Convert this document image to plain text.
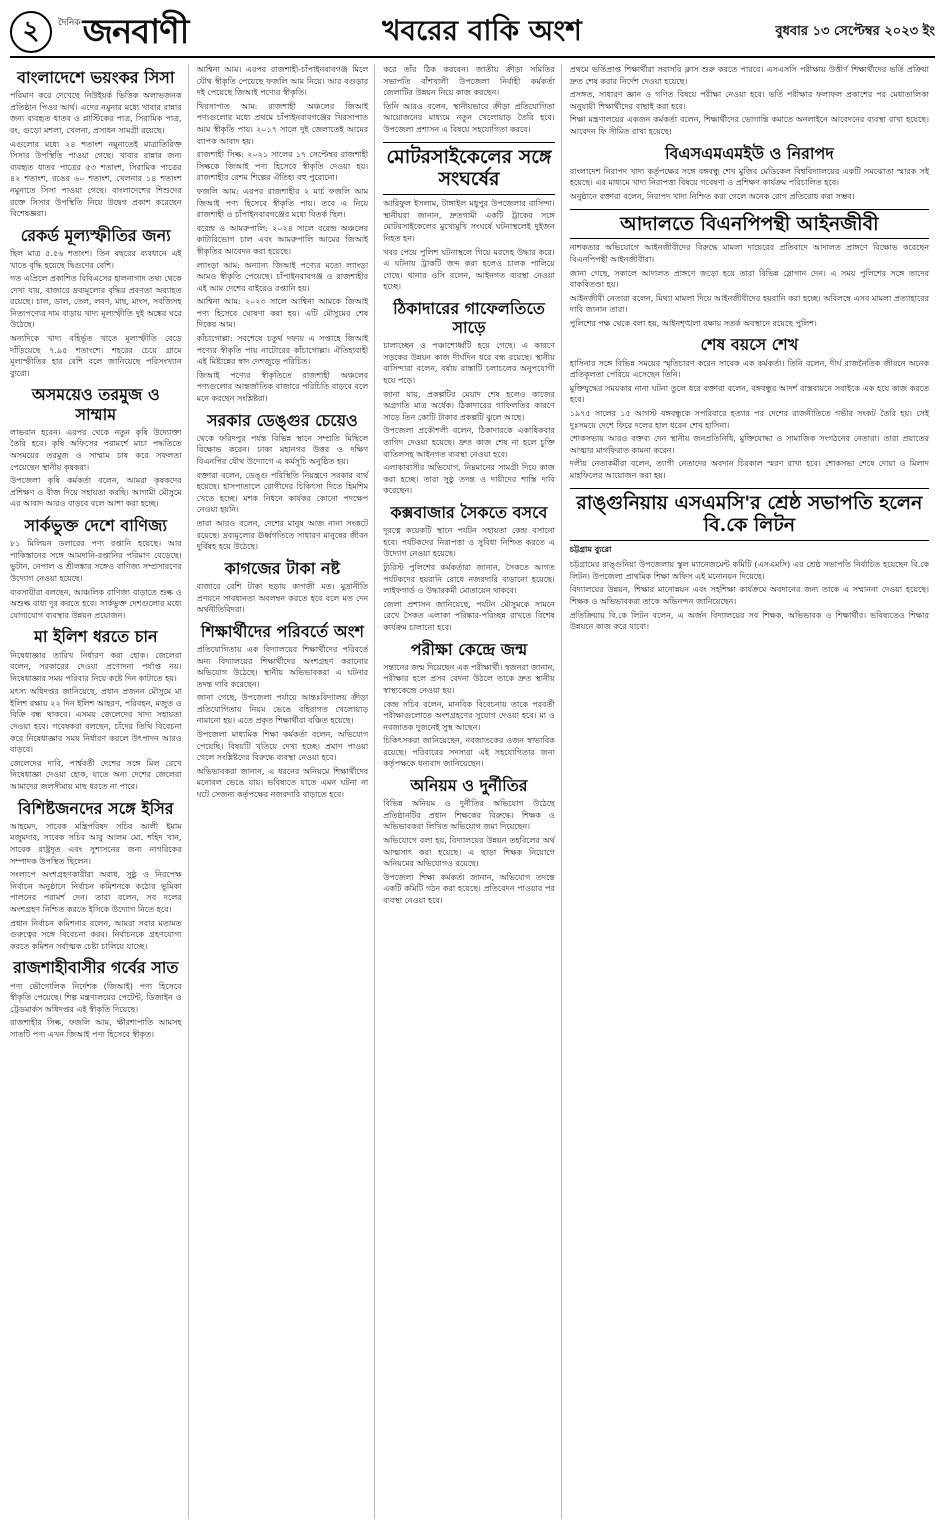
২	দৈনিক জনবাণী	খবরের বাকি অংশ	বুধবার ১৩ সেপ্টেম্বর ২০২৩ ইং
বাংলাদেশে ভয়ংকর সিসা

পরিমাণ করে দেখেছে নিউইয়র্ক ভিত্তিক অলাভজনক প্রতিষ্ঠান পিওর আর্থ। এদের নমুনার মধ্যে খাবার রান্নার জন্য ব্যবহৃত ধাতব ও প্লাস্টিকের পাত্র, সিরামিক পাত্র, রং, গুড়ো মশলা, খেলনা, প্রসাধন সামগ্রী রয়েছে।

এগুলোর মধ্যে ২৪ শতাংশ নমুনাতেই মাত্রাতিরিক্ত সিসার উপস্থিতি পাওয়া গেছে। খাবার রান্নার জন্য ব্যবহৃত ধাতব পাত্রের ৫৩ শতাংশ, সিরামিক পাত্রের ৪২ শতাংশ, রঙের ৬০ শতাংশ, খেলনার ১৪ শতাংশ নমুনাতে সিসা পাওয়া গেছে। বাংলাদেশের শিশুদের রক্তে সিসার উপস্থিতি নিয়ে উদ্বেগ প্রকাশ করেছেন বিশেষজ্ঞরা।

রেকর্ড মূল্যস্ফীতির জন্য

ছিল মাত্র ৫.৫৬ শতাংশ। তিন বছরের ব্যবধানে এই খাতে বৃদ্ধি হয়েছে দ্বিগুণের বেশি।

গত এপ্রিলে প্রকাশিত বিবিএসের হালনাগাদ তথ্য থেকে দেখা যায়, বাজারে দ্রব্যমূল্যের বৃদ্ধির প্রবণতা অব্যাহত রয়েছে। চাল, ডাল, তেল, লবণ, মাছ, মাংস, সবজিসহ নিত্যপণ্যের দাম বাড়ায় খাদ্য মূল্যস্ফীতি দুই অঙ্কের ঘরে উঠেছে।

অন্যদিকে খাদ্য বহির্ভূত খাতে মূল্যস্ফীতি বেড়ে দাঁড়িয়েছে ৭.৯৫ শতাংশে। শহরের চেয়ে গ্রামে মূল্যস্ফীতির হার বেশি বলে জানিয়েছে পরিসংখ্যান ব্যুরো।

অসময়েও তরমুজ ও সাম্মাম

লাভবান হবেন। এরপর থেকে নতুন কৃষি উদ্যোক্তা তৈরি হবে। কৃষি অফিসের পরামর্শে মাচা পদ্ধতিতে অসময়ের তরমুজ ও সাম্মাম চাষ করে সফলতা পেয়েছেন স্থানীয় কৃষকরা।

উপজেলা কৃষি কর্মকর্তা বলেন, আমরা কৃষকদের প্রশিক্ষণ ও বীজ দিয়ে সহায়তা করছি। আগামী মৌসুমে এর আবাদ আরও বাড়বে বলে আশা করা হচ্ছে।

সার্কভুক্ত দেশে বাণিজ্য

৮১ মিলিয়ন ডলারের পণ্য রপ্তানি হয়েছে। আর পাকিস্তানের সঙ্গে আমদানি-রপ্তানির পরিমাণ বেড়েছে। ভুটান, নেপাল ও শ্রীলঙ্কার সঙ্গেও বাণিজ্য সম্প্রসারণের উদ্যোগ নেওয়া হয়েছে।

ব্যবসায়ীরা বলছেন, আঞ্চলিক বাণিজ্য বাড়াতে শুল্ক ও অশুল্ক বাধা দূর করতে হবে। সার্কভুক্ত দেশগুলোর মধ্যে যোগাযোগ ব্যবস্থার উন্নয়ন প্রয়োজন।

মা ইলিশ ধরতে চান

নিষেধাজ্ঞার তারিখ নির্ধারণ করা হোক। জেলেরা বলেন, সরকারের দেওয়া প্রণোদনা পর্যাপ্ত নয়। নিষেধাজ্ঞার সময় পরিবার নিয়ে কষ্টে দিন কাটাতে হয়।

মৎস্য অধিদপ্তর জানিয়েছে, প্রধান প্রজনন মৌসুমে মা ইলিশ রক্ষায় ২২ দিন ইলিশ আহরণ, পরিবহন, মজুত ও বিক্রি বন্ধ থাকবে। এসময় জেলেদের খাদ্য সহায়তা দেওয়া হবে। গবেষকরা বলছেন, চাঁদের তিথি বিবেচনা করে নিষেধাজ্ঞার সময় নির্ধারণ করলে উৎপাদন আরও বাড়বে।

জেলেদের দাবি, পার্শ্ববর্তী দেশের সঙ্গে মিল রেখে নিষেধাজ্ঞা দেওয়া হোক, যাতে অন্য দেশের জেলেরা আমাদের জলসীমায় মাছ ধরতে না পারে।

বিশিষ্টজনদের সঙ্গে ইসির

আহমেদ, সাবেক মন্ত্রিপরিষদ সচিব আলী ইমাম মজুমদার, সাবেক সচিব আবু আলম মো. শহিদ খান, সাবেক রাষ্ট্রদূত এবং সুশাসনের জন্য নাগরিকের সম্পাদক উপস্থিত ছিলেন।

সংলাপে অংশগ্রহণকারীরা অবাধ, সুষ্ঠু ও নিরপেক্ষ নির্বাচন অনুষ্ঠানে নির্বাচন কমিশনকে কঠোর ভূমিকা পালনের পরামর্শ দেন। তারা বলেন, সব দলের অংশগ্রহণ নিশ্চিত করতে ইসিকে উদ্যোগ নিতে হবে।

প্রধান নির্বাচন কমিশনার বলেন, আমরা সবার মতামত গুরুত্বের সঙ্গে বিবেচনা করব। নির্বাচনকে গ্রহণযোগ্য করতে কমিশন সর্বাত্মক চেষ্টা চালিয়ে যাচ্ছে।

রাজশাহীবাসীর গর্বের সাত

পণ্য ভৌগোলিক নির্দেশক (জিআই) পণ্য হিসেবে স্বীকৃতি পেয়েছে। শিল্প মন্ত্রণালয়ের পেটেন্ট, ডিজাইন ও ট্রেডমার্কস অধিদপ্তর এই স্বীকৃতি দিয়েছে।

রাজশাহীর সিল্ক, ফজলি আম, ক্ষীরশাপাতি আমসহ সাতটি পণ্য এখন জিআই পণ্য হিসেবে স্বীকৃত।

আশ্বিনা আম। এরপর রাজশাহী-চাঁপাইনবাবগঞ্জ মিলে যৌথ স্বীকৃতি পেয়েছে ফজলি আম নিয়ে। আর বগুড়ার দই পেয়েছে জিআই পণ্যের স্বীকৃতি।

খিরসাপাত আম: রাজশাহী অঞ্চলের জিআই পণ্যগুলোর মধ্যে প্রথমে চাঁপাইনবাবগঞ্জের খিরসাপাত আম স্বীকৃতি পায়। ২০১৭ সালে দুই জেলাতেই আমের ব্যাপক আবাদ হয়।

রাজশাহী সিল্ক: ২০২১ সালের ১৭ সেপ্টেম্বর রাজশাহী সিল্ককে জিআই পণ্য হিসেবে স্বীকৃতি দেওয়া হয়। রাজশাহীর রেশম শিল্পের ঐতিহ্য বহু পুরোনো।

ফজলি আম: এরপর রাজশাহীর ২ মার্চ ফজলি আম জিআই পণ্য হিসেবে স্বীকৃতি পায়। তবে এ নিয়ে রাজশাহী ও চাঁপাইনবাবগঞ্জের মধ্যে বিতর্ক ছিল।

বরেন্দ্র ও আমরুপালি: ২০২৪ সালে বরেন্দ্র অঞ্চলের কাটারিভোগ চাল এবং আমরুপালি আমের জিআই স্বীকৃতির আবেদন করা হয়েছে।

ল্যাংড়া আম: অন্যান্য জিআই পণ্যের মতো ল্যাংড়া আমও স্বীকৃতি পেয়েছে। চাঁপাইনবাবগঞ্জ ও রাজশাহীর এই আম দেশের বাইরেও রপ্তানি হয়।

আশ্বিনা আম: ২০২৩ সালে আশ্বিনা আমকে জিআই পণ্য হিসেবে ঘোষণা করা হয়। এটি মৌসুমের শেষ দিকের আম।

কাঁচাগোল্লা: সবশেষে চতুর্থ দফায় এ সপ্তাহে জিআই পণ্যের স্বীকৃতি পায় নাটোরের কাঁচাগোল্লা। ঐতিহ্যবাহী এই মিষ্টান্নের স্বাদ দেশজুড়ে পরিচিত।

জিআই পণ্যের স্বীকৃতিতে রাজশাহী অঞ্চলের পণ্যগুলোর আন্তর্জাতিক বাজারে পরিচিতি বাড়বে বলে মনে করছেন সংশ্লিষ্টরা।

সরকার ডেঙ্গুর চেয়েও

থেকে ফরিদপুর পর্যন্ত বিভিন্ন স্থানে সম্প্রতি মিছিলে বিক্ষোভ করেন। ঢাকা মহানগর উত্তর ও দক্ষিণ বিএনপির যৌথ উদ্যোগে এ কর্মসূচি অনুষ্ঠিত হয়।

বক্তারা বলেন, ডেঙ্গু পরিস্থিতি নিয়ন্ত্রণে সরকার ব্যর্থ হয়েছে। হাসপাতালে রোগীদের চিকিৎসা দিতে হিমশিম খেতে হচ্ছে। মশক নিধনে কার্যকর কোনো পদক্ষেপ নেওয়া হয়নি।

তারা আরও বলেন, দেশের মানুষ আজ নানা সংকটে রয়েছে। দ্রব্যমূল্যের ঊর্ধ্বগতিতে সাধারণ মানুষের জীবন দুর্বিষহ হয়ে উঠেছে।

কাগজের টাকা নষ্ট

বাজারে বেশি টাকা ছড়ায় কাগজী মত। মুদ্রানীতি প্রণয়নে সাবধানতা অবলম্বন করতে হবে বলে মত দেন অর্থনীতিবিদরা।

শিক্ষার্থীদের পরিবর্তে অংশ

প্রতিযোগিতায় এক বিদ্যালয়ের শিক্ষার্থীদের পরিবর্তে অন্য বিদ্যালয়ের শিক্ষার্থীদের অংশগ্রহণ করানোর অভিযোগ উঠেছে। স্থানীয় অভিভাবকরা এ ঘটনার তদন্ত দাবি করেছেন।

জানা গেছে, উপজেলা পর্যায়ে আন্তঃবিদ্যালয় ক্রীড়া প্রতিযোগিতায় নিয়ম ভেঙে বহিরাগত খেলোয়াড় নামানো হয়। এতে প্রকৃত শিক্ষার্থীরা বঞ্চিত হয়েছে।

উপজেলা মাধ্যমিক শিক্ষা কর্মকর্তা বলেন, অভিযোগ পেয়েছি। বিষয়টি খতিয়ে দেখা হচ্ছে। প্রমাণ পাওয়া গেলে সংশ্লিষ্টদের বিরুদ্ধে ব্যবস্থা নেওয়া হবে।

অভিভাবকরা জানান, এ ধরনের অনিয়মে শিক্ষার্থীদের মনোবল ভেঙে যায়। ভবিষ্যতে যাতে এমন ঘটনা না ঘটে সেজন্য কর্তৃপক্ষের নজরদারি বাড়াতে হবে।

করে তাঁর ঠিক করবেন। জাতীয় ক্রীড়া সমিতির সভাপতি বাঁশখালী উপজেলা নির্বাহী কর্মকর্তা জেলাটির উন্নয়ন নিয়ে কাজ করছেন।

তিনি আরও বলেন, স্থানীয়ভাবে ক্রীড়া প্রতিযোগিতা আয়োজনের মাধ্যমে নতুন খেলোয়াড় তৈরি হবে। উপজেলা প্রশাসন এ বিষয়ে সহযোগিতা করবে।

মোটরসাইকেলের সঙ্গে সংঘর্ষের

আরিফুল ইসলাম, টাঙ্গাইল মধুপুর উপজেলার বাসিন্দা। স্থানীয়রা জানান, দ্রুতগামী একটি ট্রাকের সঙ্গে মোটরসাইকেলের মুখোমুখি সংঘর্ষে ঘটনাস্থলেই দুইজন নিহত হন।

খবর পেয়ে পুলিশ ঘটনাস্থলে গিয়ে মরদেহ উদ্ধার করে। এ ঘটনায় ট্রাকটি জব্দ করা হলেও চালক পালিয়ে গেছে। থানার ওসি বলেন, আইনগত ব্যবস্থা নেওয়া হচ্ছে।

ঠিকাদারের গাফেলতিতে সাড়ে

চালাচ্ছেন ও পঞ্চাশোর্ধ্বটি হয়ে গেছে। এ কারণে সড়কের উন্নয়ন কাজ দীর্ঘদিন ধরে বন্ধ রয়েছে। স্থানীয় বাসিন্দারা বলেন, বর্ষায় রাস্তাটি চলাচলের অনুপযোগী হয়ে পড়ে।

জানা যায়, প্রকল্পটির মেয়াদ শেষ হলেও কাজের অগ্রগতি মাত্র অর্ধেক। ঠিকাদারের গাফিলতির কারণে সাড়ে তিন কোটি টাকার প্রকল্পটি ঝুলে আছে।

উপজেলা প্রকৌশলী বলেন, ঠিকাদারকে একাধিকবার তাগিদ দেওয়া হয়েছে। দ্রুত কাজ শেষ না হলে চুক্তি বাতিলসহ আইনগত ব্যবস্থা নেওয়া হবে।

এলাকাবাসীর অভিযোগ, নিম্নমানের সামগ্রী দিয়ে কাজ করা হচ্ছে। তারা সুষ্ঠু তদন্ত ও দায়ীদের শাস্তি দাবি করেছেন।

কক্সবাজার সৈকতে বসবে

দূরত্বে কয়েকটি স্থানে পর্যটন সহায়তা কেন্দ্র বসানো হবে। পর্যটকদের নিরাপত্তা ও সুবিধা নিশ্চিত করতে এ উদ্যোগ নেওয়া হয়েছে।

ট্যুরিস্ট পুলিশের কর্মকর্তারা জানান, সৈকতে আগত পর্যটকদের হয়রানি রোধে নজরদারি বাড়ানো হয়েছে। লাইফগার্ড ও উদ্ধারকর্মী মোতায়েন থাকবে।

জেলা প্রশাসন জানিয়েছে, পর্যটন মৌসুমকে সামনে রেখে সৈকত এলাকা পরিষ্কার-পরিচ্ছন্ন রাখতে বিশেষ কার্যক্রম চালানো হবে।

পরীক্ষা কেন্দ্রে জন্ম

সন্তানের জন্ম দিয়েছেন এক পরীক্ষার্থী। স্বজনরা জানান, পরীক্ষার হলে প্রসব বেদনা উঠলে তাকে দ্রুত স্থানীয় স্বাস্থ্যকেন্দ্রে নেওয়া হয়।

কেন্দ্র সচিব বলেন, মানবিক বিবেচনায় তাকে পরবর্তী পরীক্ষাগুলোতে অংশগ্রহণের সুযোগ দেওয়া হবে। মা ও নবজাতক দুজনেই সুস্থ আছেন।

চিকিৎসকরা জানিয়েছেন, নবজাতকের ওজন স্বাভাবিক রয়েছে। পরিবারের সদস্যরা এই সহযোগিতার জন্য কর্তৃপক্ষকে ধন্যবাদ জানিয়েছেন।

অনিয়ম ও দুর্নীতির

বিভিন্ন অনিয়ম ও দুর্নীতির অভিযোগ উঠেছে প্রতিষ্ঠানটির প্রধান শিক্ষকের বিরুদ্ধে। শিক্ষক ও অভিভাবকরা লিখিত অভিযোগ জমা দিয়েছেন।

অভিযোগে বলা হয়, বিদ্যালয়ের উন্নয়ন তহবিলের অর্থ আত্মসাৎ করা হয়েছে। এ ছাড়া শিক্ষক নিয়োগে অনিয়মের অভিযোগও রয়েছে।

উপজেলা শিক্ষা কর্মকর্তা জানান, অভিযোগ তদন্তে একটি কমিটি গঠন করা হয়েছে। প্রতিবেদন পাওয়ার পর ব্যবস্থা নেওয়া হবে।

প্রথমে ভর্তিপ্রাপ্ত শিক্ষার্থীরা সরাসরি ক্লাস শুরু করতে পারবে। এসএসসি পরীক্ষায় উত্তীর্ণ শিক্ষার্থীদের ভর্তি প্রক্রিয়া দ্রুত শেষ করার নির্দেশ দেওয়া হয়েছে।

প্রসঙ্গত, সাধারণ জ্ঞান ও গণিত বিষয়ে পরীক্ষা নেওয়া হবে। ভর্তি পরীক্ষার ফলাফল প্রকাশের পর মেধাতালিকা অনুযায়ী শিক্ষার্থীদের বাছাই করা হবে।

শিক্ষা মন্ত্রণালয়ের একজন কর্মকর্তা বলেন, শিক্ষার্থীদের ভোগান্তি কমাতে অনলাইনে আবেদনের ব্যবস্থা রাখা হয়েছে। আবেদন ফি সীমিত রাখা হয়েছে।

বিএসএমএমইউ ও নিরাপদ

বাংলাদেশ নিরাপদ খাদ্য কর্তৃপক্ষের সঙ্গে বঙ্গবন্ধু শেখ মুজিব মেডিকেল বিশ্ববিদ্যালয়ের একটি সমঝোতা স্মারক সই হয়েছে। এর মাধ্যমে খাদ্য নিরাপত্তা বিষয়ে গবেষণা ও প্রশিক্ষণ কার্যক্রম পরিচালিত হবে।

অনুষ্ঠানে বক্তারা বলেন, নিরাপদ খাদ্য নিশ্চিত করা গেলে অনেক রোগ প্রতিরোধ করা সম্ভব।

আদালতে বিএনপিপন্থী আইনজীবী

নাশকতার অভিযোগে আইনজীবীদের বিরুদ্ধে মামলা দায়েরের প্রতিবাদে আদালত প্রাঙ্গণে বিক্ষোভ করেছেন বিএনপিপন্থী আইনজীবীরা।

জানা গেছে, সকালে আদালত প্রাঙ্গণে জড়ো হয়ে তারা বিভিন্ন স্লোগান দেন। এ সময় পুলিশের সঙ্গে তাদের বাকবিতণ্ডা হয়।

আইনজীবী নেতারা বলেন, মিথ্যা মামলা দিয়ে আইনজীবীদের হয়রানি করা হচ্ছে। অবিলম্বে এসব মামলা প্রত্যাহারের দাবি জানান তারা।

পুলিশের পক্ষ থেকে বলা হয়, আইনশৃঙ্খলা রক্ষায় সতর্ক অবস্থানে রয়েছে পুলিশ।

শেষ বয়সে শেখ

হাসিনার সঙ্গে বিভিন্ন সময়ের স্মৃতিচারণ করেন সাবেক এক কর্মকর্তা। তিনি বলেন, দীর্ঘ রাজনৈতিক জীবনে অনেক প্রতিকূলতা পেরিয়ে এসেছেন তিনি।

মুক্তিযুদ্ধের সময়কার নানা ঘটনা তুলে ধরে বক্তারা বলেন, বঙ্গবন্ধুর আদর্শ বাস্তবায়নে সবাইকে এক হয়ে কাজ করতে হবে।

১৯৭৫ সালের ১৫ আগস্ট বঙ্গবন্ধুকে সপরিবারে হত্যার পর দেশের রাজনীতিতে গভীর সংকট তৈরি হয়। সেই দুঃসময়ে দেশে ফিরে দলের হাল ধরেন শেখ হাসিনা।

শোকসভায় আরও বক্তব্য দেন স্থানীয় জনপ্রতিনিধি, মুক্তিযোদ্ধা ও সামাজিক সংগঠনের নেতারা। তারা প্রয়াতের আত্মার মাগফিরাত কামনা করেন।

দলীয় নেতাকর্মীরা বলেন, ত্যাগী নেতাদের অবদান চিরকাল স্মরণ রাখা হবে। শোকসভা শেষে দোয়া ও মিলাদ মাহফিলের আয়োজন করা হয়।

রাঙ্গুনিয়ায় এসএমসি'র শ্রেষ্ঠ সভাপতি হলেন বি.কে লিটন
চট্টগ্রাম ব্যুরো

চট্টগ্রামের রাঙ্গুনিয়া উপজেলায় স্কুল ম্যানেজমেন্ট কমিটি (এসএমসি) এর শ্রেষ্ঠ সভাপতি নির্বাচিত হয়েছেন বি.কে লিটন। উপজেলা প্রাথমিক শিক্ষা অফিস এই মনোনয়ন দিয়েছে।

বিদ্যালয়ের উন্নয়ন, শিক্ষার মানোন্নয়ন এবং সহশিক্ষা কার্যক্রমে অবদানের জন্য তাকে এ সম্মাননা দেওয়া হয়েছে। শিক্ষক ও অভিভাবকরা তাকে অভিনন্দন জানিয়েছেন।

প্রতিক্রিয়ায় বি.কে লিটন বলেন, এ অর্জন বিদ্যালয়ের সব শিক্ষক, অভিভাবক ও শিক্ষার্থীর। ভবিষ্যতেও শিক্ষার উন্নয়নে কাজ করে যাবো।
